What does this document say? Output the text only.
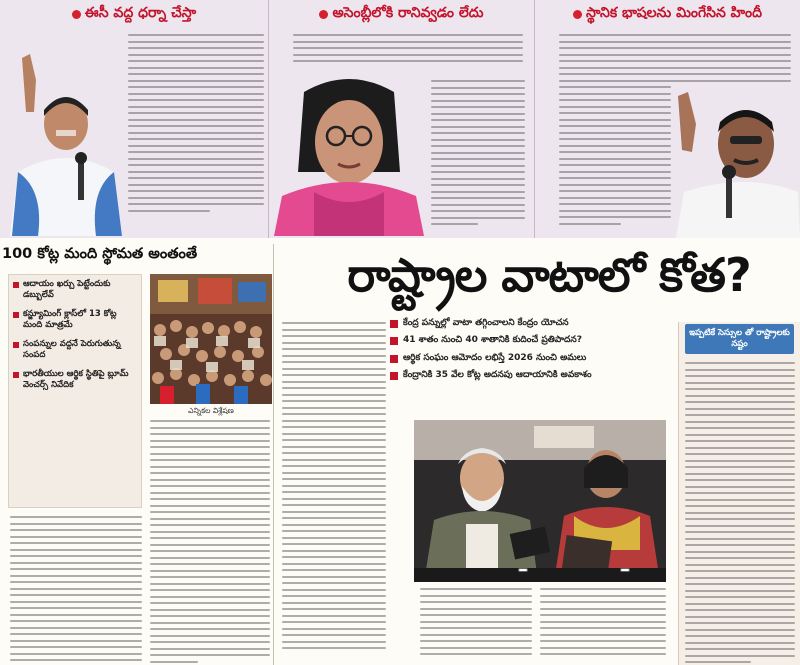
ఈసీ వద్ద ధర్నా చేస్తా	అసెంబ్లీలోకి రానివ్వడం లేదు	స్థానిక భాషలను మింగేసిన హిందీ
100 కోట్ల మంది స్థోమత అంతంతే
ఆదాయం ఖర్చు పెట్టేందుకు డబ్బులేవ్
కన్జ్యూమింగ్ క్లాస్‌లో 13 కోట్ల మంది మాత్రమే
సంపన్నుల వద్దనే పెరుగుతున్న సంపద
భారతీయుల ఆర్థిక స్థితిపై బ్లూమ్ వెంచర్స్ నివేదిక
ఎన్నికల విశ్లేషణ
రాష్ట్రాల వాటాలో కోత?
కేంద్ర పన్నుల్లో వాటా తగ్గించాలని కేంద్రం యోచన
41 శాతం నుంచి 40 శాతానికి కుదించే ప్రతిపాదన?
ఆర్థిక సంఘం ఆమోదం లభిస్తే 2026 నుంచి అమలు
కేంద్రానికి 35 వేల కోట్ల అదనపు ఆదాయానికి అవకాశం
ఇప్పటికే సెస్సుల తో రాష్ట్రాలకు నష్టం
